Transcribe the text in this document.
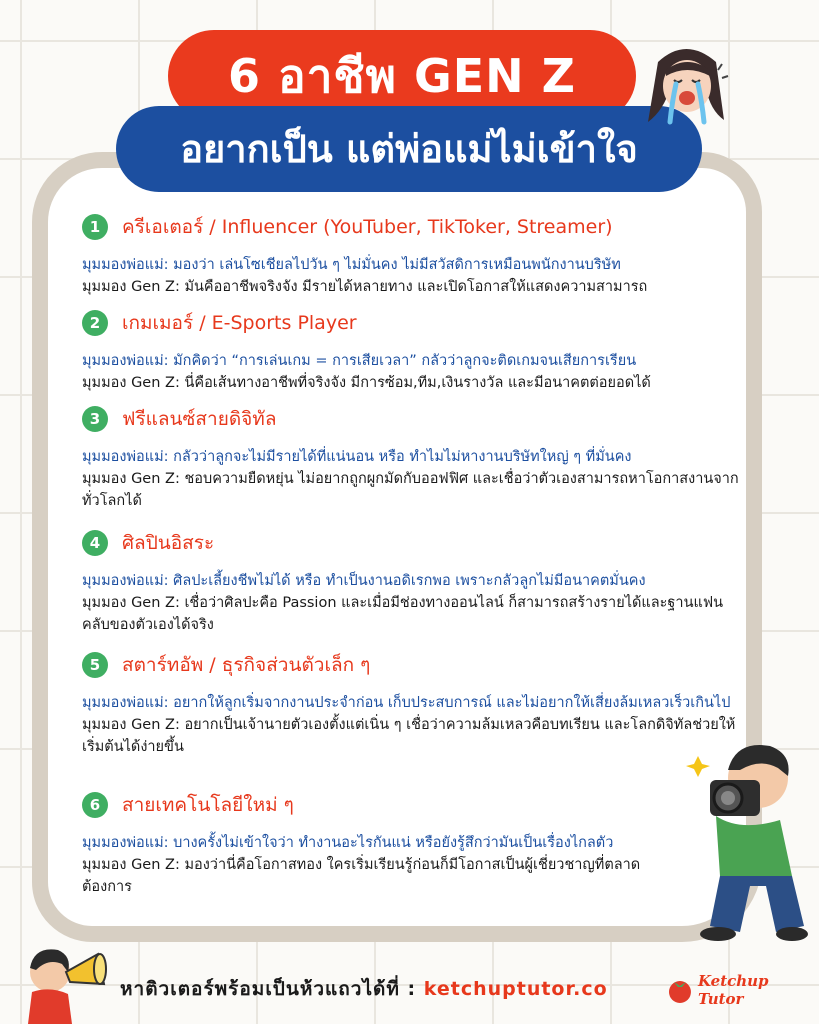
6 อาชีพ GEN Z
อยากเป็น แต่พ่อแม่ไม่เข้าใจ
1	ครีเอเตอร์ / Influencer (YouTuber, TikToker, Streamer)
มุมมองพ่อแม่: มองว่า เล่นโซเชียลไปวัน ๆ ไม่มั่นคง ไม่มีสวัสดิการเหมือนพนักงานบริษัท
มุมมอง Gen Z: มันคืออาชีพจริงจัง มีรายได้หลายทาง และเปิดโอกาสให้แสดงความสามารถ
2	เกมเมอร์ / E-Sports Player
มุมมองพ่อแม่: มักคิดว่า “การเล่นเกม = การเสียเวลา” กลัวว่าลูกจะติดเกมจนเสียการเรียน
มุมมอง Gen Z: นี่คือเส้นทางอาชีพที่จริงจัง มีการซ้อม,ทีม,เงินรางวัล และมีอนาคตต่อยอดได้
3	ฟรีแลนซ์สายดิจิทัล
มุมมองพ่อแม่: กลัวว่าลูกจะไม่มีรายได้ที่แน่นอน หรือ ทำไมไม่หางานบริษัทใหญ่ ๆ ที่มั่นคง
มุมมอง Gen Z: ชอบความยืดหยุ่น ไม่อยากถูกผูกมัดกับออฟฟิศ และเชื่อว่าตัวเองสามารถหาโอกาสงานจากทั่วโลกได้
4	ศิลปินอิสระ
มุมมองพ่อแม่: ศิลปะเลี้ยงชีพไม่ได้ หรือ ทำเป็นงานอดิเรกพอ เพราะกลัวลูกไม่มีอนาคตมั่นคง
มุมมอง Gen Z: เชื่อว่าศิลปะคือ Passion และเมื่อมีช่องทางออนไลน์ ก็สามารถสร้างรายได้และฐานแฟนคลับของตัวเองได้จริง
5	สตาร์ทอัพ / ธุรกิจส่วนตัวเล็ก ๆ
มุมมองพ่อแม่: อยากให้ลูกเริ่มจากงานประจำก่อน เก็บประสบการณ์ และไม่อยากให้เสี่ยงล้มเหลวเร็วเกินไป
มุมมอง Gen Z: อยากเป็นเจ้านายตัวเองตั้งแต่เนิ่น ๆ เชื่อว่าความล้มเหลวคือบทเรียน และโลกดิจิทัลช่วยให้เริ่มต้นได้ง่ายขึ้น
6	สายเทคโนโลยีใหม่ ๆ
มุมมองพ่อแม่: บางครั้งไม่เข้าใจว่า ทำงานอะไรกันแน่ หรือยังรู้สึกว่ามันเป็นเรื่องไกลตัว
มุมมอง Gen Z: มองว่านี่คือโอกาสทอง ใครเริ่มเรียนรู้ก่อนก็มีโอกาสเป็นผู้เชี่ยวชาญที่ตลาดต้องการ
หาติวเตอร์พร้อมเป็นห้วแถวได้ที่ : ketchuptutor.co	Ketchup Tutor
